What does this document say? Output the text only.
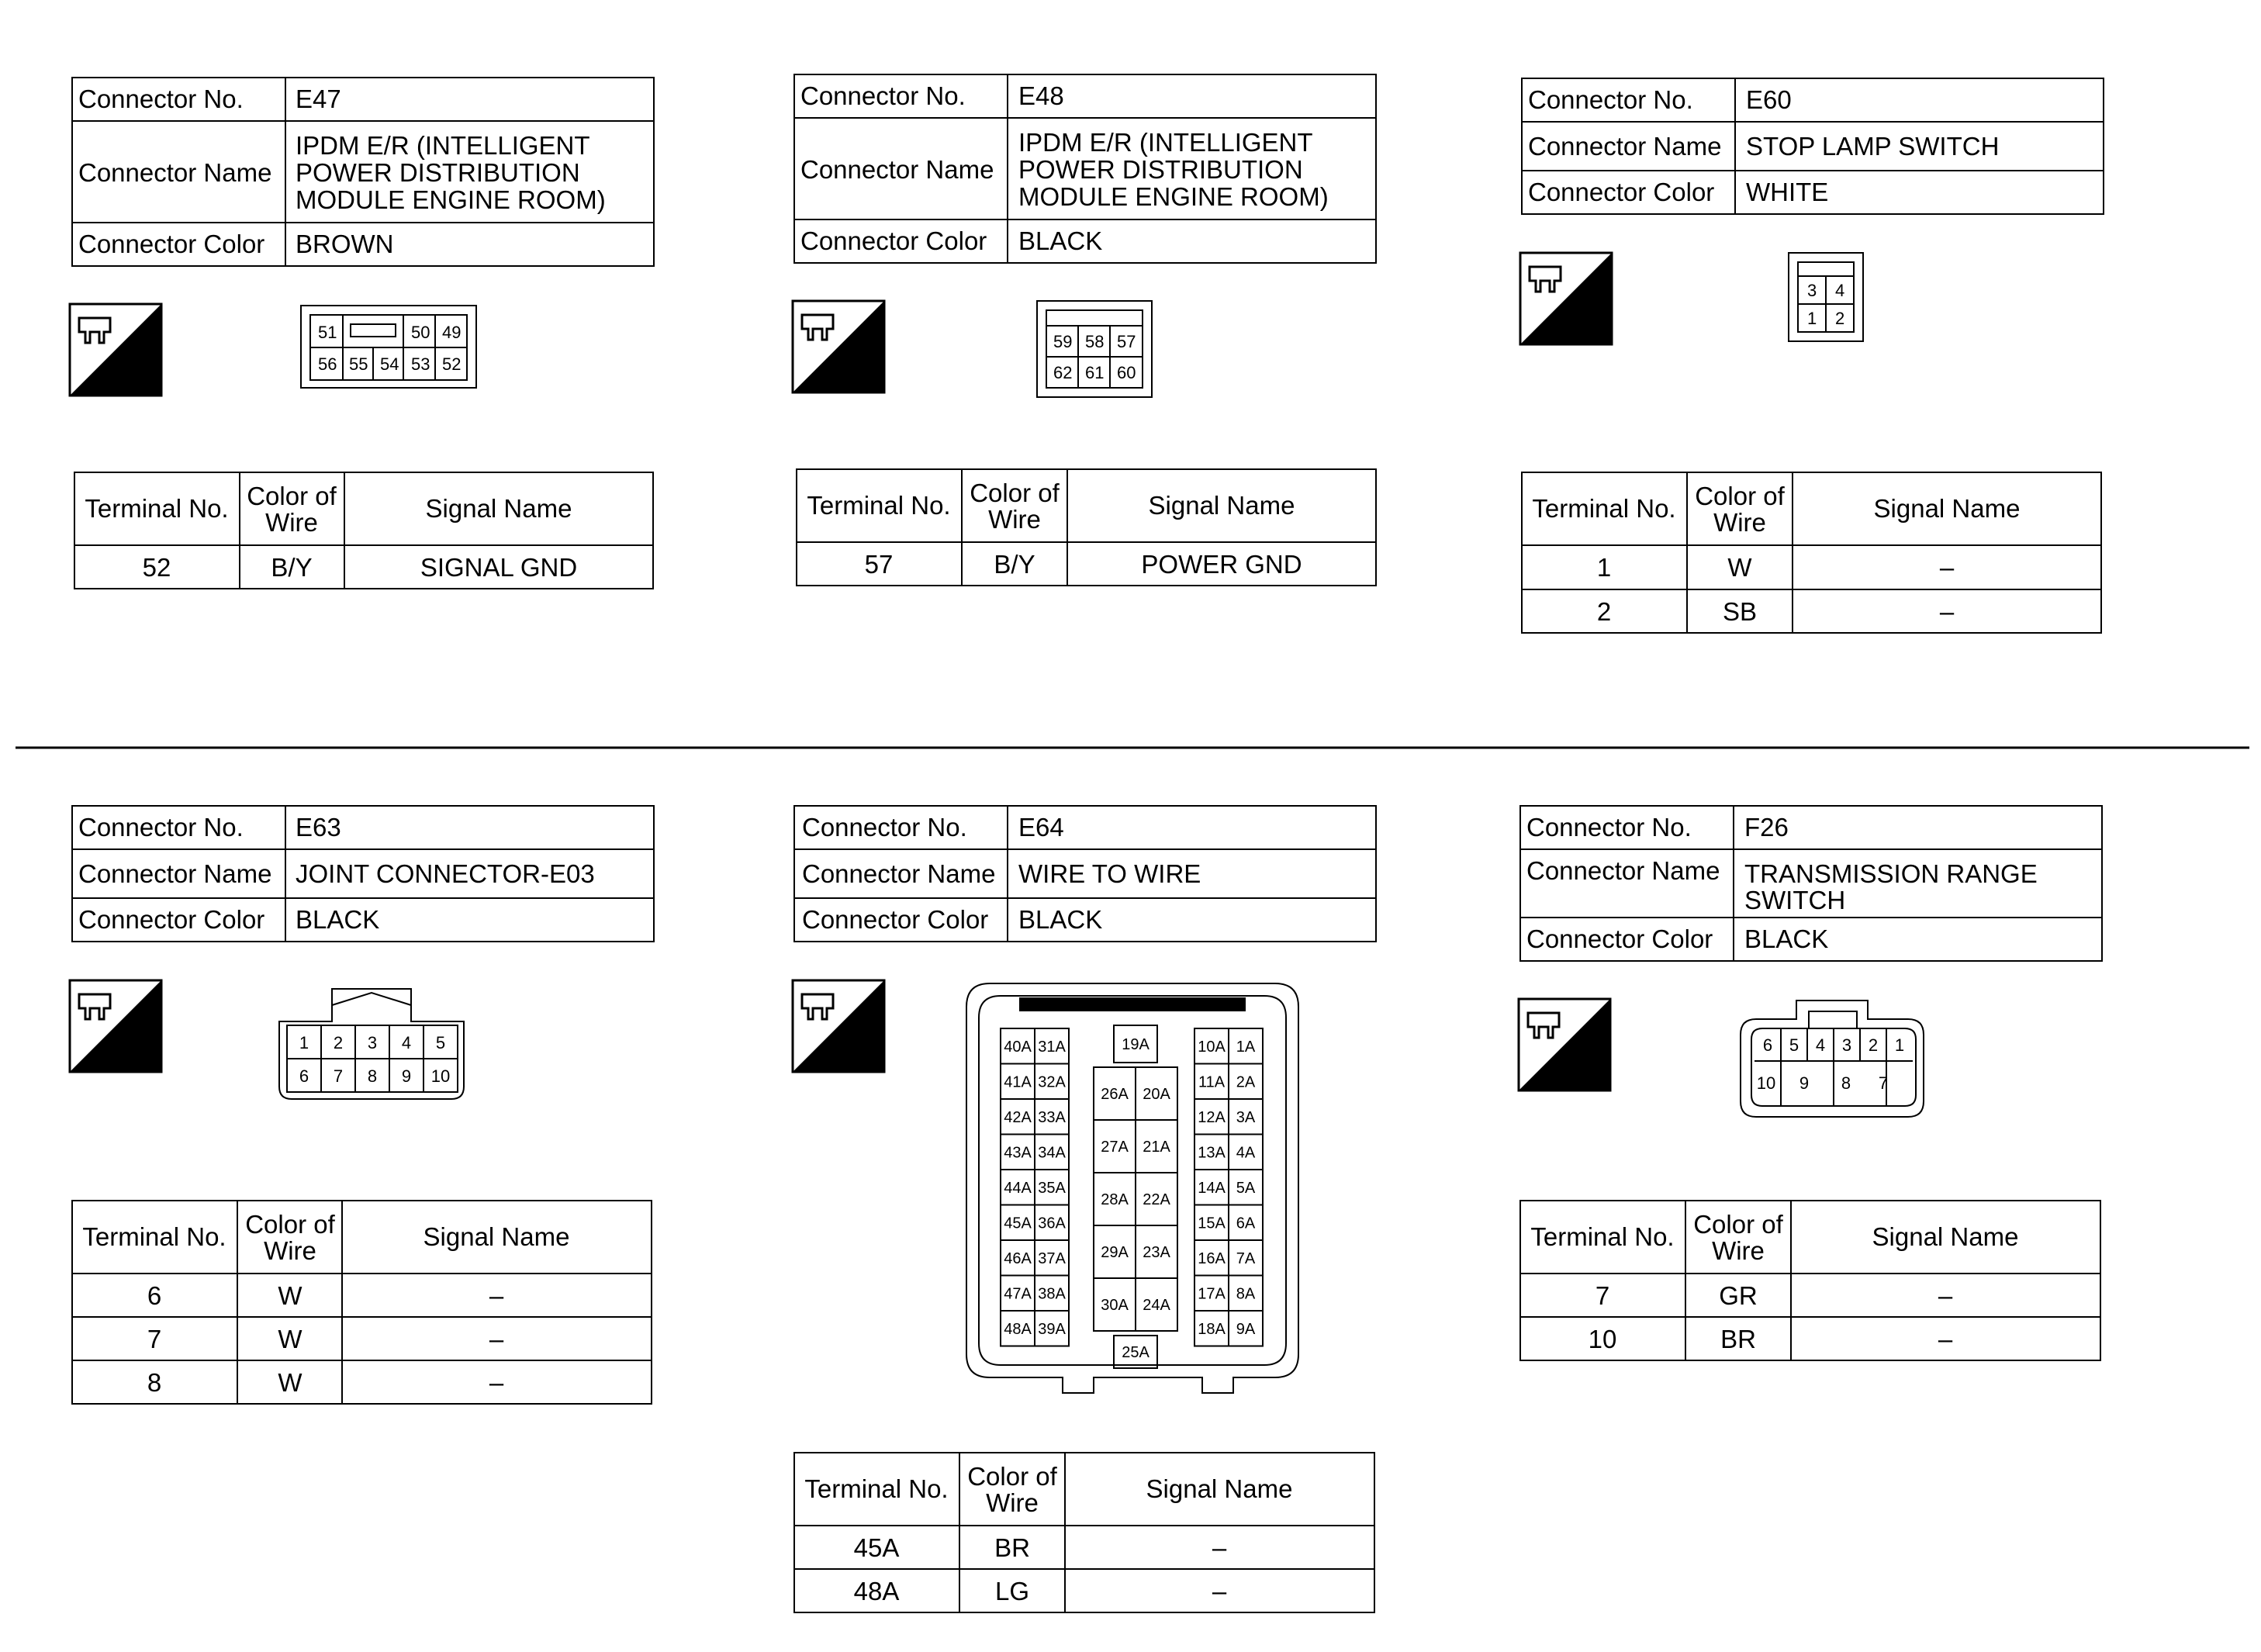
Connector No. E47
Connector Name
IPDM E/R (INTELLIGENT
POWER DISTRIBUTION
MODULE ENGINE ROOM)
Connector Color BROWN
H.S.
51	50 49
56 55 54 53 52
Terminal No. Color of
Wire	Signal Name
52	B/Y	SIGNAL GND
Connector No. E48
Connector Name
IPDM E/R (INTELLIGENT
POWER DISTRIBUTION
MODULE ENGINE ROOM)
Connector Color BLACK
H.S.
59 58 57
62 61 60
Terminal No. Color of
Wire	Signal Name
57	B/Y	POWER GND
Connector No. E60
Connector Name STOP LAMP SWITCH
Connector Color WHITE
H.S.
3 4
1 2
Terminal No. Color of
Wire	Signal Name
1	W	–
2	SB	–
Connector No. E63
Connector Name JOINT CONNECTOR-E03
Connector Color BLACK
H.S.	1 2 3 4 5
6 7 8 9 10
Terminal No. Color of
Wire	Signal Name
6	W	–
7	W	–
8	W	–
Connector No. E64
Connector Name WIRE TO WIRE
Connector Color BLACK
H.S.	40A
41A
42A
43A
44A
45A
46A
47A
48A
31A
32A
33A
34A
35A
36A
37A
38A
39A
19A
26A
27A
28A
29A
30A
20A
21A
22A
23A
24A
25A
10A
11A
12A
13A
14A
15A
16A
17A
18A
1A
2A
3A
4A
5A
6A
7A
8A
9A
Terminal No. Color of
Wire	Signal Name
45A	BR	–
48A	LG	–
Connector No. F26
Connector Name TRANSMISSION RANGE
SWITCH
Connector Color BLACK
H.S.
6 5 4 3 2 1
10 9 8 7
Terminal No. Color of
Wire	Signal Name
7	GR	–
10	BR	–
